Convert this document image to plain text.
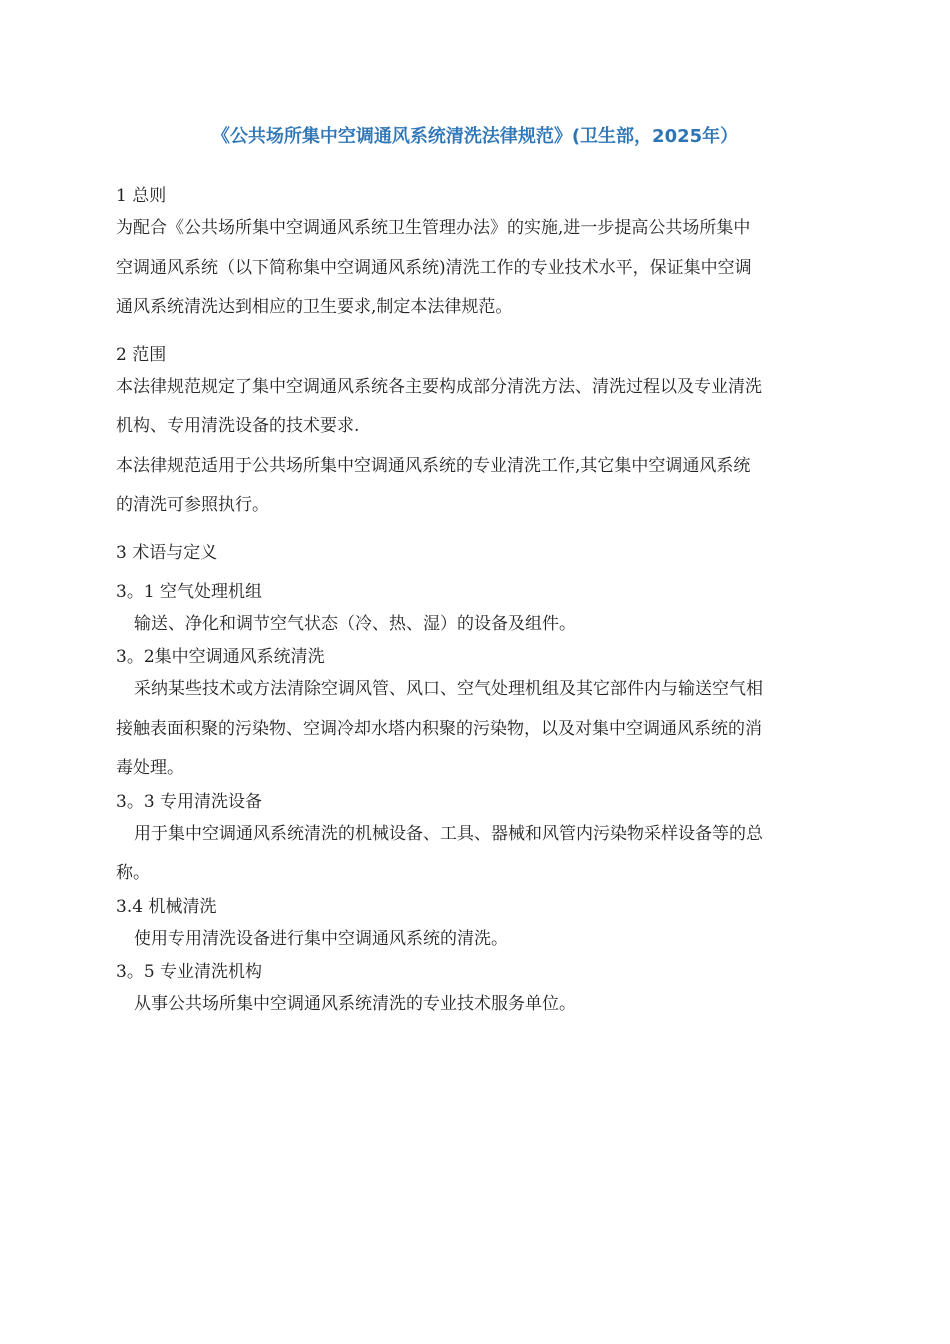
《公共场所集中空调通风系统清洗法律规范》(卫生部，2025年）
1 总则
为配合《公共场所集中空调通风系统卫生管理办法》的实施,进一步提高公共场所集中
空调通风系统（以下简称集中空调通风系统)清洗工作的专业技术水平，保证集中空调
通风系统清洗达到相应的卫生要求,制定本法律规范。
2 范围
本法律规范规定了集中空调通风系统各主要构成部分清洗方法、清洗过程以及专业清洗
机构、专用清洗设备的技术要求.
本法律规范适用于公共场所集中空调通风系统的专业清洗工作,其它集中空调通风系统
的清洗可参照执行。
3 术语与定义
3。1 空气处理机组
输送、净化和调节空气状态（冷、热、湿）的设备及组件。
3。2集中空调通风系统清洗
采纳某些技术或方法清除空调风管、风口、空气处理机组及其它部件内与输送空气相
接触表面积聚的污染物、空调冷却水塔内积聚的污染物，以及对集中空调通风系统的消
毒处理。
3。3 专用清洗设备
用于集中空调通风系统清洗的机械设备、工具、器械和风管内污染物采样设备等的总
称。
3.4 机械清洗
使用专用清洗设备进行集中空调通风系统的清洗。
3。5 专业清洗机构
从事公共场所集中空调通风系统清洗的专业技术服务单位。
